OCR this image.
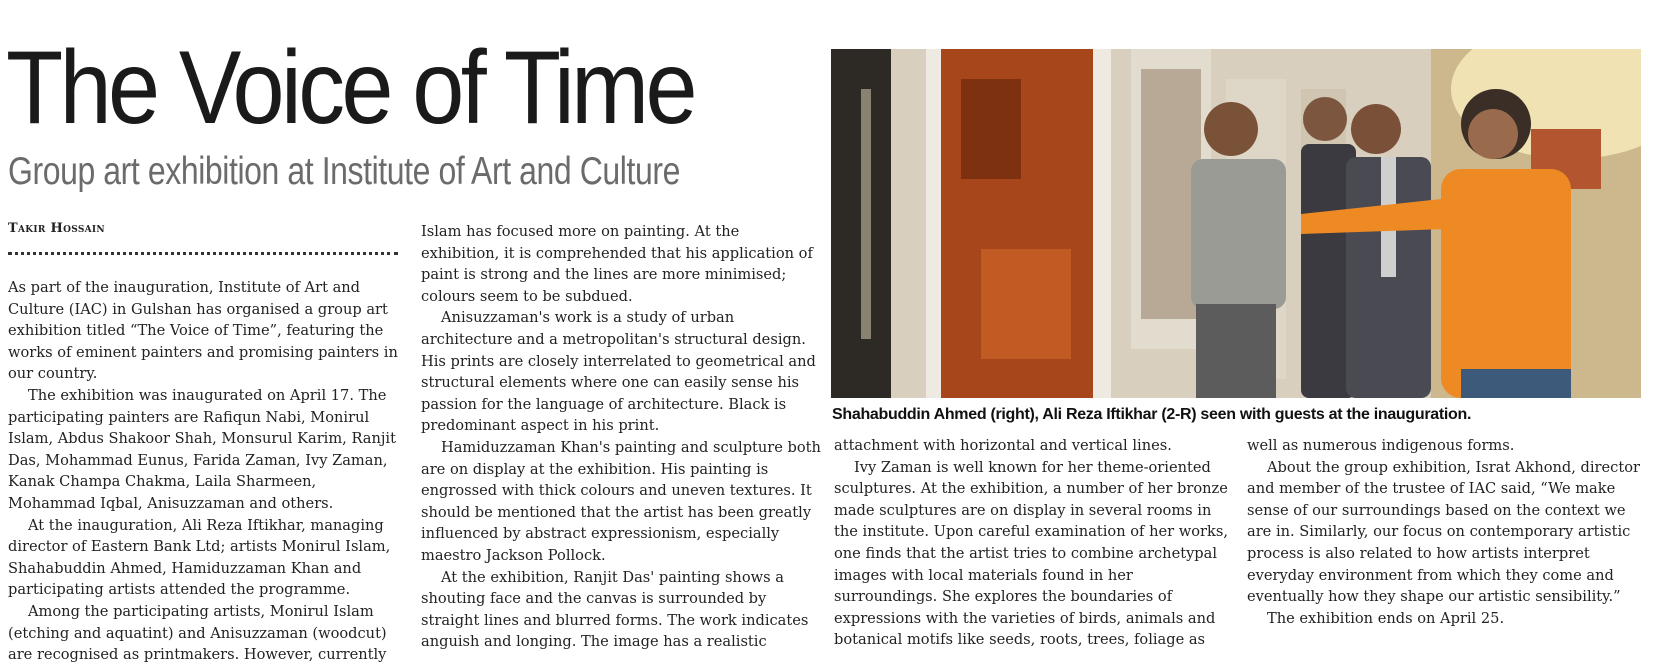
The Voice of Time
Group art exhibition at Institute of Art and Culture
Takir Hossain

As part of the inauguration, Institute of Art and Culture (IAC) in Gulshan has organised a group art exhibition titled “The Voice of Time”, featuring the works of eminent painters and promising painters in our country.

The exhibition was inaugurated on April 17. The participating painters are Rafiqun Nabi, Monirul Islam, Abdus Shakoor Shah, Monsurul Karim, Ranjit Das, Mohammad Eunus, Farida Zaman, Ivy Zaman, Kanak Champa Chakma, Laila Sharmeen, Mohammad Iqbal, Anisuzzaman and others.

At the inauguration, Ali Reza Iftikhar, managing director of Eastern Bank Ltd; artists Monirul Islam, Shahabuddin Ahmed, Hamiduzzaman Khan and participating artists attended the programme.

Among the participating artists, Monirul Islam (etching and aquatint) and Anisuzzaman (woodcut) are recognised as printmakers. However, currently

Islam has focused more on painting. At the exhibition, it is comprehended that his application of paint is strong and the lines are more minimised; colours seem to be subdued.

Anisuzzaman's work is a study of urban architecture and a metropolitan's structural design. His prints are closely interrelated to geometrical and structural elements where one can easily sense his passion for the language of architecture. Black is predominant aspect in his print.

Hamiduzzaman Khan's painting and sculpture both are on display at the exhibition. His painting is engrossed with thick colours and uneven textures. It should be mentioned that the artist has been greatly influenced by abstract expressionism, especially maestro Jackson Pollock.

At the exhibition, Ranjit Das' painting shows a shouting face and the canvas is surrounded by straight lines and blurred forms. The work indicates anguish and longing. The image has a realistic

Shahabuddin Ahmed (right), Ali Reza Iftikhar (2-R) seen with guests at the inauguration.

attachment with horizontal and vertical lines.

Ivy Zaman is well known for her theme-oriented sculptures. At the exhibition, a number of her bronze made sculptures are on display in several rooms in the institute. Upon careful examination of her works, one finds that the artist tries to combine archetypal images with local materials found in her surroundings. She explores the boundaries of expressions with the varieties of birds, animals and botanical motifs like seeds, roots, trees, foliage as

well as numerous indigenous forms.

About the group exhibition, Israt Akhond, director and member of the trustee of IAC said, “We make sense of our surroundings based on the context we are in. Similarly, our focus on contemporary artistic process is also related to how artists interpret everyday environment from which they come and eventually how they shape our artistic sensibility.”

The exhibition ends on April 25.
